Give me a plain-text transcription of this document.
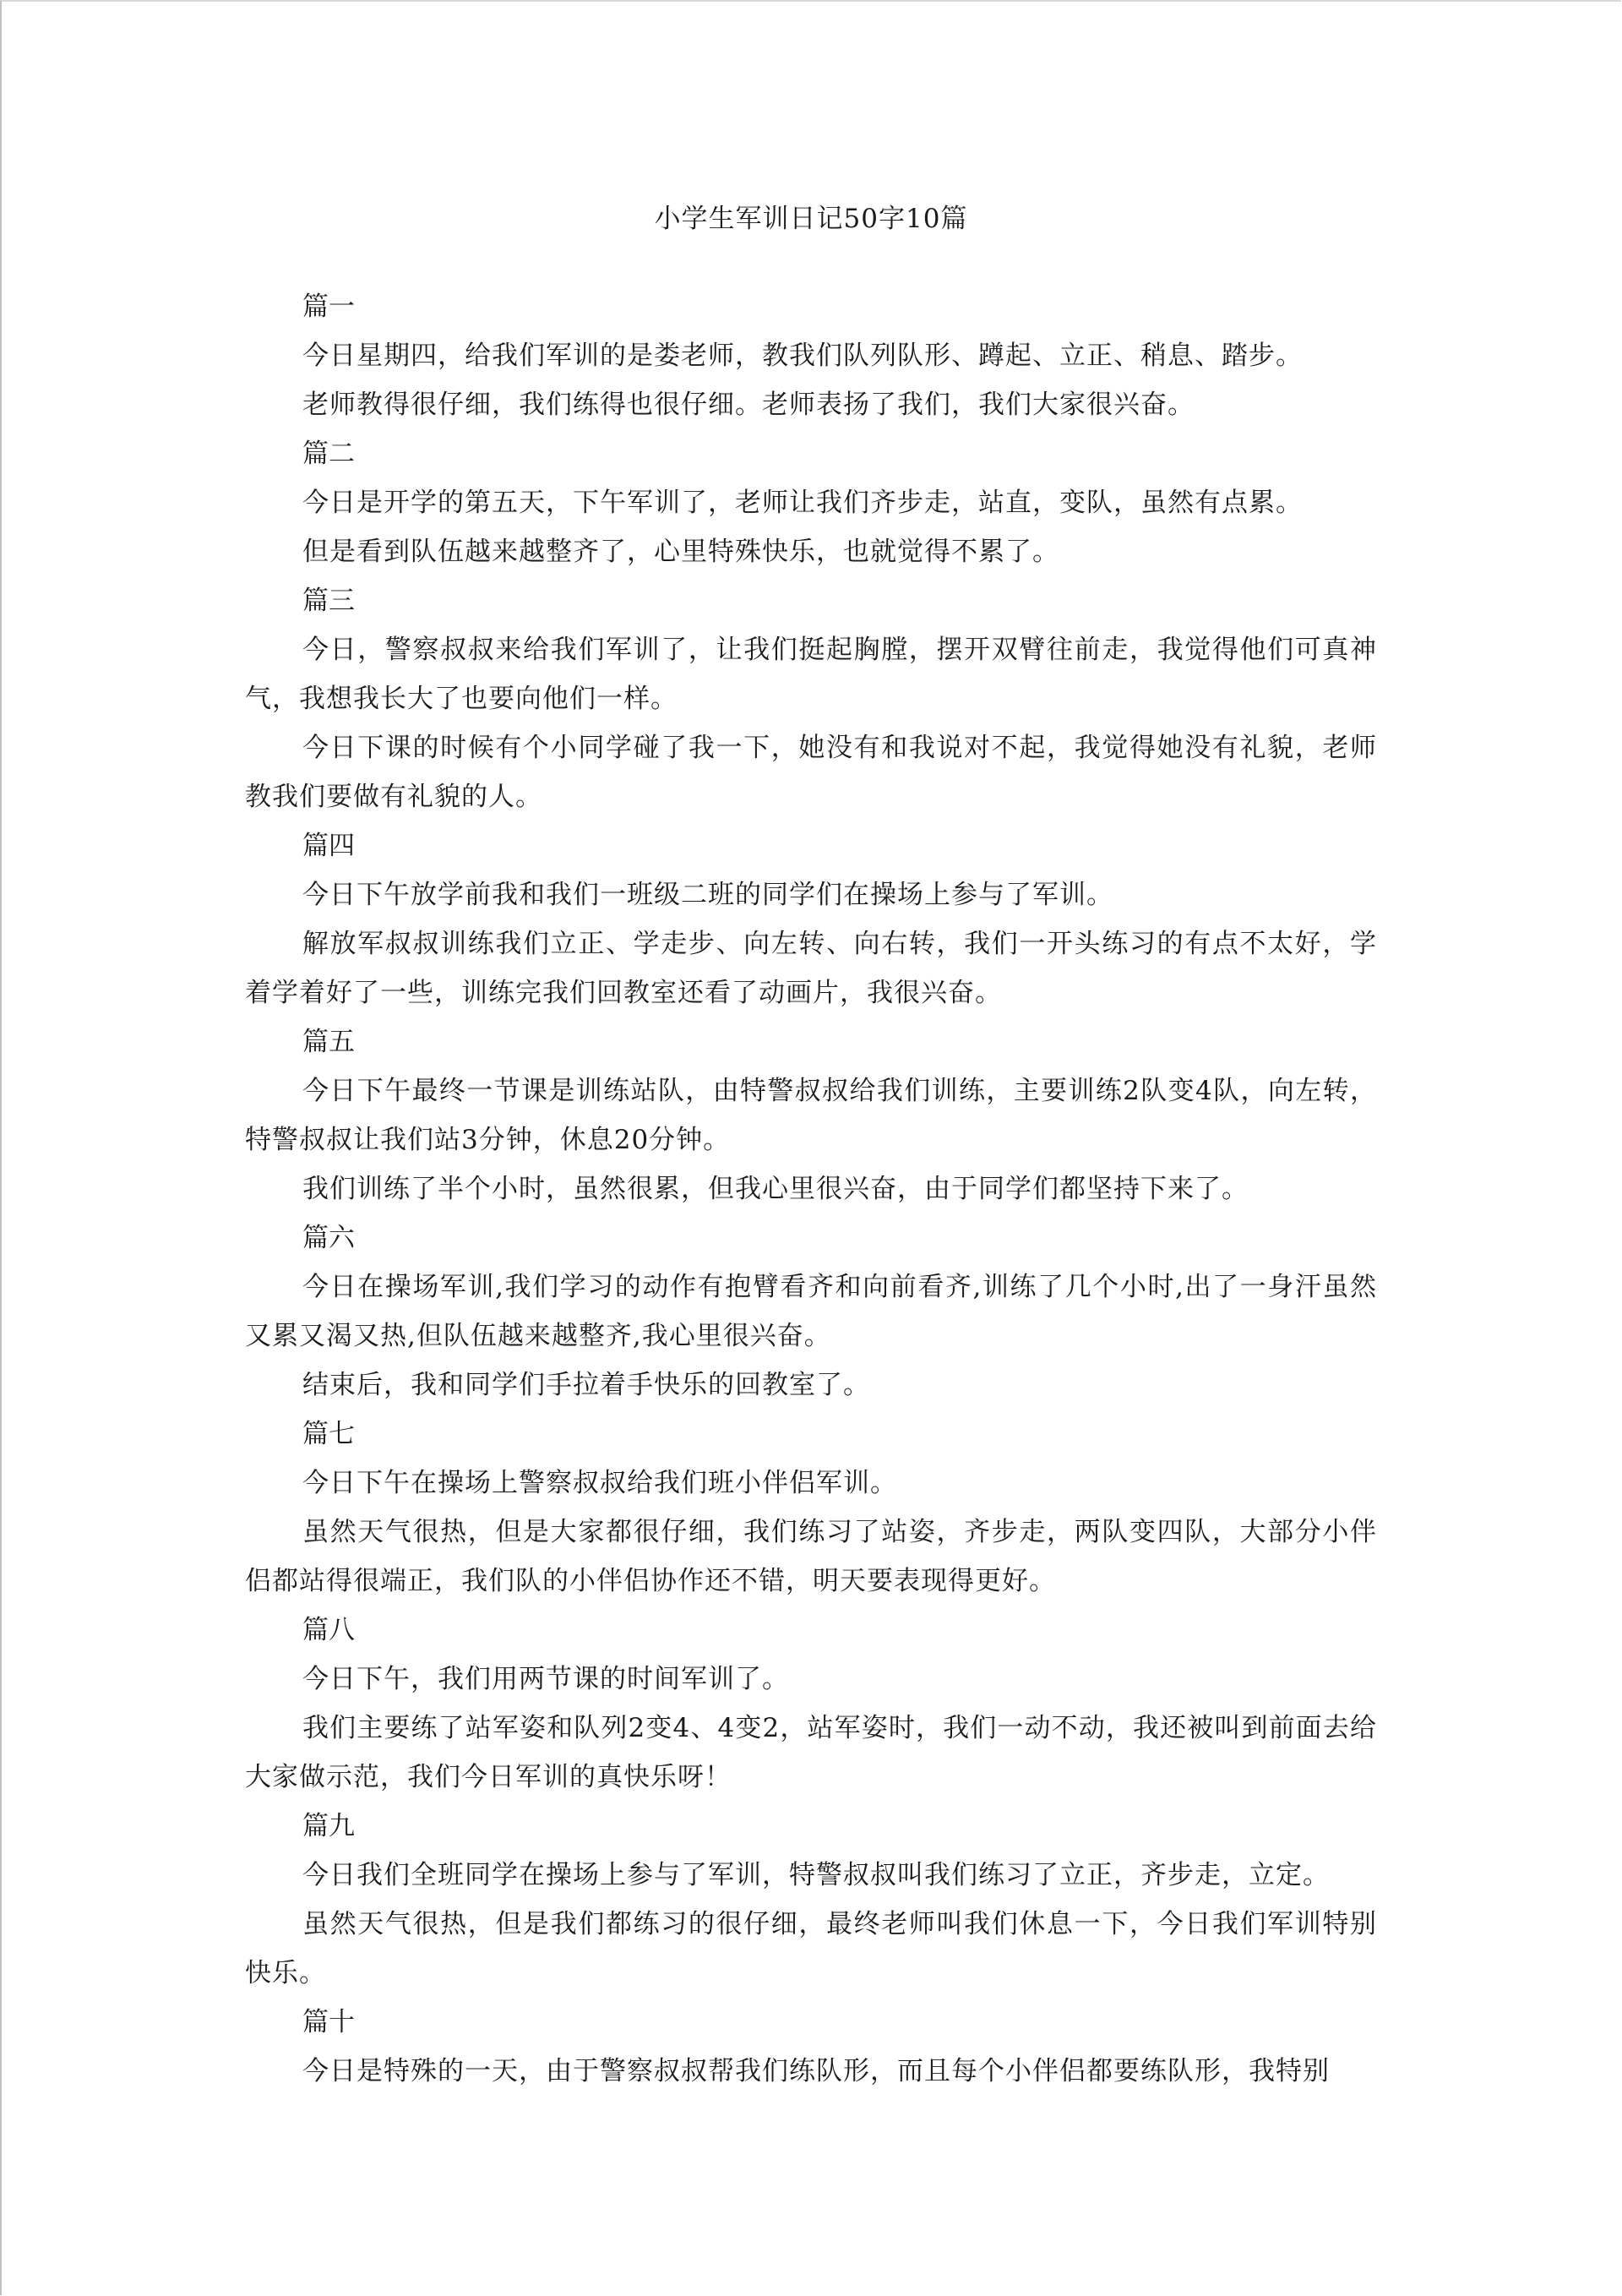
小学生军训日记50字10篇

篇一

今日星期四，给我们军训的是娄老师，教我们队列队形、蹲起、立正、稍息、踏步。

老师教得很仔细，我们练得也很仔细。老师表扬了我们，我们大家很兴奋。

篇二

今日是开学的第五天，下午军训了，老师让我们齐步走，站直，变队，虽然有点累。

但是看到队伍越来越整齐了，心里特殊快乐，也就觉得不累了。

篇三

今日，警察叔叔来给我们军训了，让我们挺起胸膛，摆开双臂往前走，我觉得他们可真神气，我想我长大了也要向他们一样。

今日下课的时候有个小同学碰了我一下，她没有和我说对不起，我觉得她没有礼貌，老师教我们要做有礼貌的人。

篇四

今日下午放学前我和我们一班级二班的同学们在操场上参与了军训。

解放军叔叔训练我们立正、学走步、向左转、向右转，我们一开头练习的有点不太好，学着学着好了一些，训练完我们回教室还看了动画片，我很兴奋。

篇五

今日下午最终一节课是训练站队，由特警叔叔给我们训练，主要训练2队变4队，向左转，特警叔叔让我们站3分钟，休息20分钟。

我们训练了半个小时，虽然很累，但我心里很兴奋，由于同学们都坚持下来了。

篇六

今日在操场军训,我们学习的动作有抱臂看齐和向前看齐,训练了几个小时,出了一身汗虽然又累又渴又热,但队伍越来越整齐,我心里很兴奋。

结束后，我和同学们手拉着手快乐的回教室了。

篇七

今日下午在操场上警察叔叔给我们班小伴侣军训。

虽然天气很热，但是大家都很仔细，我们练习了站姿，齐步走，两队变四队，大部分小伴侣都站得很端正，我们队的小伴侣协作还不错，明天要表现得更好。

篇八

今日下午，我们用两节课的时间军训了。

我们主要练了站军姿和队列2变4、4变2，站军姿时，我们一动不动，我还被叫到前面去给大家做示范，我们今日军训的真快乐呀！

篇九

今日我们全班同学在操场上参与了军训，特警叔叔叫我们练习了立正，齐步走，立定。

虽然天气很热，但是我们都练习的很仔细，最终老师叫我们休息一下，今日我们军训特别快乐。

篇十

今日是特殊的一天，由于警察叔叔帮我们练队形，而且每个小伴侣都要练队形，我特别
